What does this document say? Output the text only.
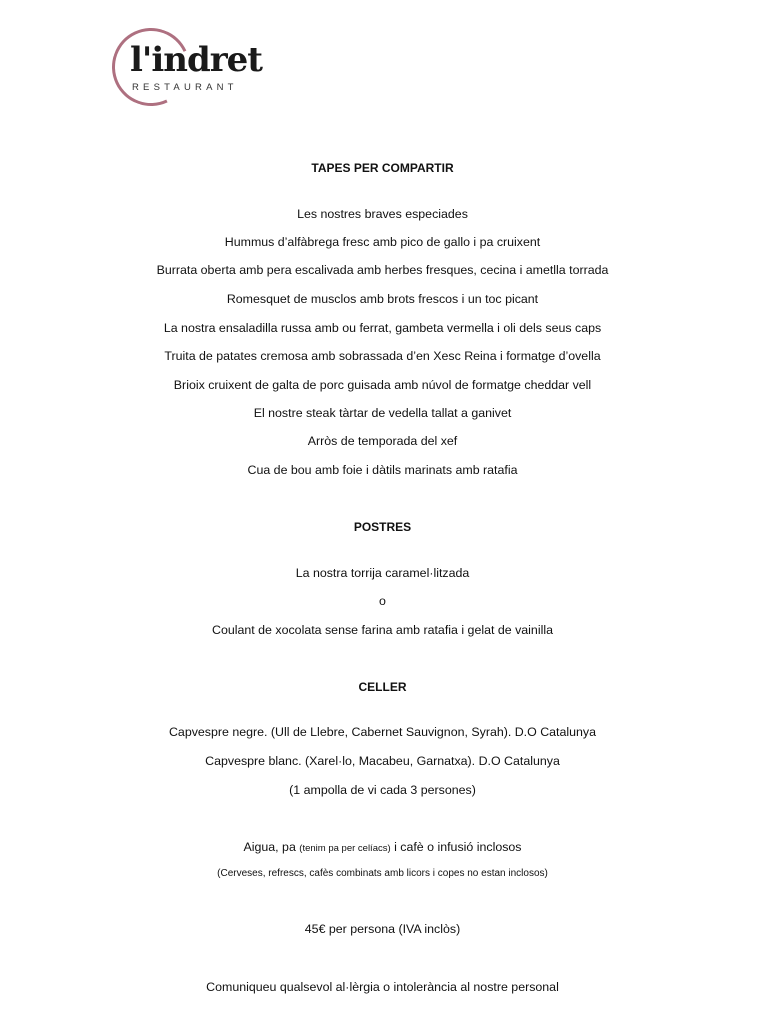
l'indret
RESTAURANT
TAPES PER COMPARTIR
Les nostres braves especiades
Hummus d’alfàbrega fresc amb pico de gallo i pa cruixent
Burrata oberta amb pera escalivada amb herbes fresques, cecina i ametlla torrada
Romesquet de musclos amb brots frescos i un toc picant
La nostra ensaladilla russa amb ou ferrat, gambeta vermella i oli dels seus caps
Truita de patates cremosa amb sobrassada d’en Xesc Reina i formatge d’ovella
Brioix cruixent de galta de porc guisada amb núvol de formatge cheddar vell
El nostre steak tàrtar de vedella tallat a ganivet
Arròs de temporada del xef
Cua de bou amb foie i dàtils marinats amb ratafia
POSTRES
La nostra torrija caramel·litzada
o
Coulant de xocolata sense farina amb ratafia i gelat de vainilla
CELLER
Capvespre negre. (Ull de Llebre, Cabernet Sauvignon, Syrah). D.O Catalunya
Capvespre blanc. (Xarel·lo, Macabeu, Garnatxa). D.O Catalunya
(1 ampolla de vi cada 3 persones)
Aigua, pa (tenim pa per celíacs) i cafè o infusió inclosos
(Cerveses, refrescs, cafès combinats amb licors i copes no estan inclosos)
45€ per persona (IVA inclòs)
Comuniqueu qualsevol al·lèrgia o intolerància al nostre personal
